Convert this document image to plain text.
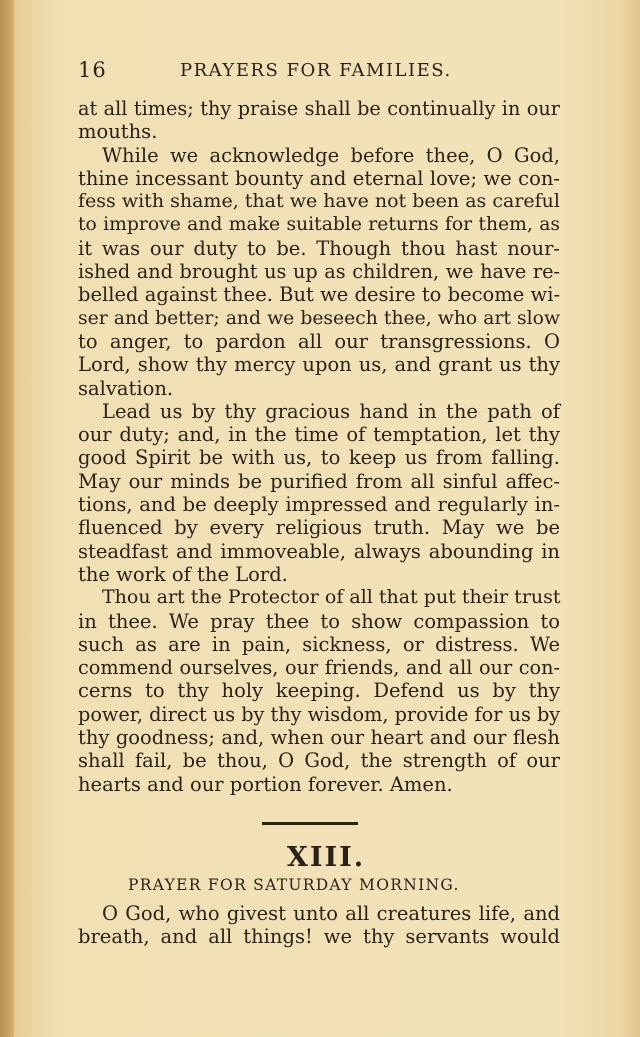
16	PRAYERS FOR FAMILIES.
at all times; thy praise shall be continually in our
mouths.
While we acknowledge before thee, O God,
thine incessant bounty and eternal love; we con-
fess with shame, that we have not been as careful
to improve and make suitable returns for them, as
it was our duty to be. Though thou hast nour-
ished and brought us up as children, we have re-
belled against thee. But we desire to become wi-
ser and better; and we beseech thee, who art slow
to anger, to pardon all our transgressions. O
Lord, show thy mercy upon us, and grant us thy
salvation.
Lead us by thy gracious hand in the path of
our duty; and, in the time of temptation, let thy
good Spirit be with us, to keep us from falling.
May our minds be purified from all sinful affec-
tions, and be deeply impressed and regularly in-
fluenced by every religious truth. May we be
steadfast and immoveable, always abounding in
the work of the Lord.
Thou art the Protector of all that put their trust
in thee. We pray thee to show compassion to
such as are in pain, sickness, or distress. We
commend ourselves, our friends, and all our con-
cerns to thy holy keeping. Defend us by thy
power, direct us by thy wisdom, provide for us by
thy goodness; and, when our heart and our flesh
shall fail, be thou, O God, the strength of our
hearts and our portion forever. Amen.
XIII.
PRAYER FOR SATURDAY MORNING.
O God, who givest unto all creatures life, and
breath, and all things! we thy servants would
